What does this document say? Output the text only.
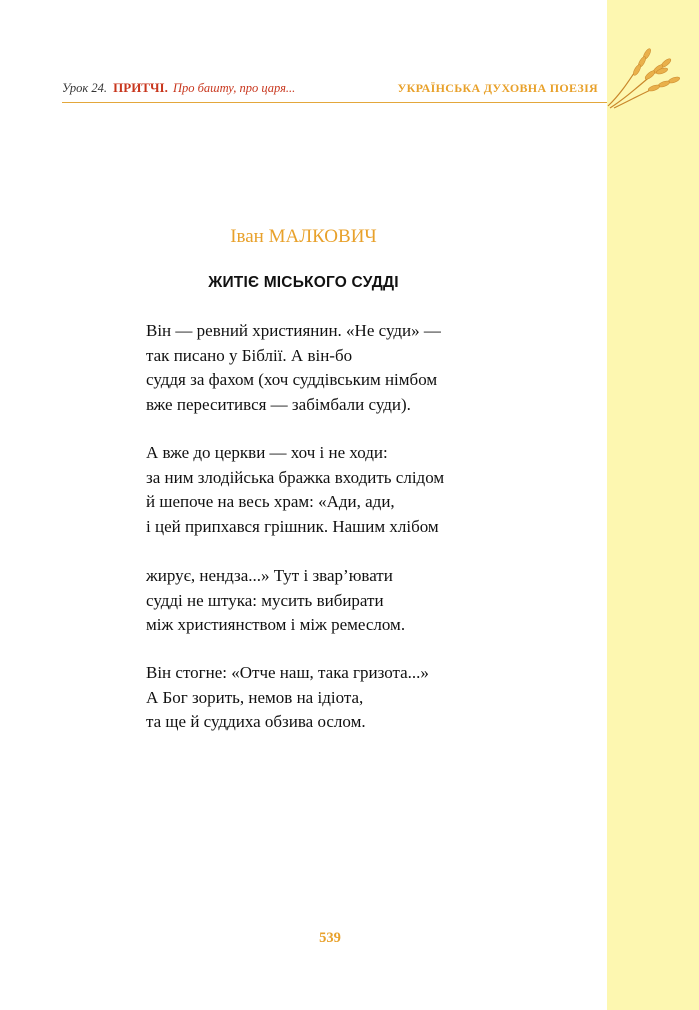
Урок 24. ПРИТЧІ. Про башту, про царя...	УКРАЇНСЬКА ДУХОВНА ПОЕЗІЯ
Іван МАЛКОВИЧ
ЖИТІЄ МІСЬКОГО СУДДІ
Він — ревний християнин. «Не суди» —
так писано у Біблії. А він-бо
суддя за фахом (хоч суддівським німбом
вже переситився — забімбали суди).
А вже до церкви — хоч і не ходи:
за ним злодійська бражка входить слідом
й шепоче на весь храм: «Ади, ади,
і цей припхався грішник. Нашим хлібом
жирує, нендза...» Тут і звар’ювати
судді не штука: мусить вибирати
між християнством і між ремеслом.
Він стогне: «Отче наш, така гризота...»
А Бог зорить, немов на ідіота,
та ще й суддиха обзива ослом.
539
